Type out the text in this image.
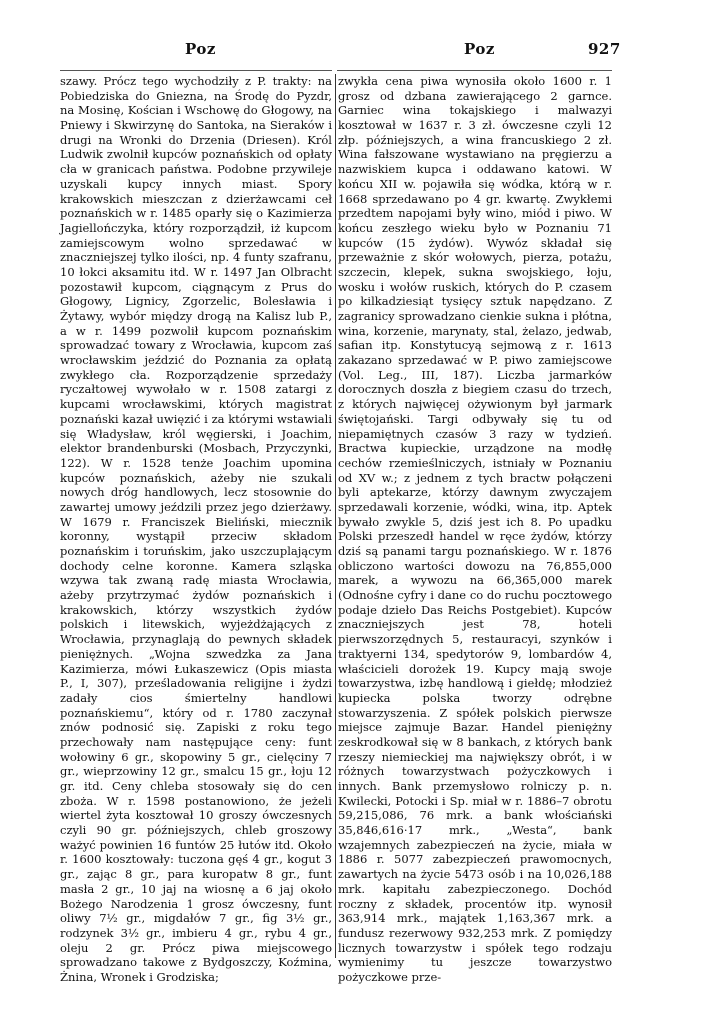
Poz	Poz	927

szawy. Prócz tego wychodziły z P. trakty: na Pobiedziska do Gniezna, na Środę do Pyzdr, na Mosinę, Kościan i Wschowę do Głogowy, na Pniewy i Skwirzynę do Santoka, na Sieraków i drugi na Wronki do Drzenia (Driesen). Król Ludwik zwolnił kupców poznańskich od opłaty cła w granicach państwa. Podobne przywileje uzyskali kupcy innych miast. Spory krakowskich mieszczan z dzierżawcami ceł poznańskich w r. 1485 oparły się o Kazimierza Jagiellończyka, który rozporządził, iż kupcom zamiejscowym wolno sprzedawać w znaczniejszej tylko ilości, np. 4 funty szafranu, 10 łokci aksamitu itd. W r. 1497 Jan Olbracht pozostawił kupcom, ciągnącym z Prus do Głogowy, Lignicy, Zgorzelic, Bolesławia i Żytawy, wybór między drogą na Kalisz lub P., a w r. 1499 pozwolił kupcom poznańskim sprowadzać towary z Wrocławia, kupcom zaś wrocławskim jeździć do Poznania za opłatą zwykłego cła. Rozporządzenie sprzedaży ryczałtowej wywołało w r. 1508 zatargi z kupcami wrocławskimi, których magistrat poznański kazał uwięzić i za którymi wstawiali się Władysław, król węgierski, i Joachim, elektor brandenburski (Mosbach, Przyczynki, 122). W r. 1528 tenże Joachim upomina kupców poznańskich, ażeby nie szukali nowych dróg handlowych, lecz stosownie do zawartej umowy jeździli przez jego dzierżawy. W 1679 r. Franciszek Bieliński, miecznik koronny, wystąpił przeciw składom poznańskim i toruńskim, jako uszczuplającym dochody celne koronne. Kamera szląska wzywa tak zwaną radę miasta Wrocławia, ażeby przytrzymać żydów poznańskich i krakowskich, którzy wszystkich żydów polskich i litewskich, wyjeżdżających z Wrocławia, przynaglają do pewnych składek pieniężnych. „Wojna szwedzka za Jana Kazimierza, mówi Łukaszewicz (Opis miasta P., I, 307), prześladowania religijne i żydzi zadały cios śmiertelny handlowi poznańskiemu“, który od r. 1780 zaczynał znów podnosić się. Zapiski z roku tego przechowały nam następujące ceny: funt wołowiny 6 gr., skopowiny 5 gr., cielęciny 7 gr., wieprzowiny 12 gr., smalcu 15 gr., łoju 12 gr. itd. Ceny chleba stosowały się do cen zboża. W r. 1598 postanowiono, że jeżeli wiertel żyta kosztował 10 groszy ówczesnych czyli 90 gr. późniejszych, chleb groszowy ważyć powinien 16 funtów 25 łutów itd. Około r. 1600 kosztowały: tuczona gęś 4 gr., kogut 3 gr., zając 8 gr., para kuropatw 8 gr., funt masła 2 gr., 10 jaj na wiosnę a 6 jaj około Bożego Narodzenia 1 grosz ówczesny, funt oliwy 7½ gr., migdałów 7 gr., fig 3½ gr., rodzynek 3½ gr., imbieru 4 gr., rybu 4 gr., oleju 2 gr. Prócz piwa miejscowego sprowadzano takowe z Bydgoszczy, Koźmina, Żnina, Wronek i Grodziska;

zwykła cena piwa wynosiła około 1600 r. 1 grosz od dzbana zawierającego 2 garnce. Garniec wina tokajskiego i malwazyi kosztował w 1637 r. 3 zł. ówczesne czyli 12 złp. późniejszych, a wina francuskiego 2 zł. Wina fałszowane wystawiano na pręgierzu a nazwiskiem kupca i oddawano katowi. W końcu XII w. pojawiła się wódka, którą w r. 1668 sprzedawano po 4 gr. kwartę. Zwykłemi przedtem napojami były wino, miód i piwo. W końcu zeszłego wieku było w Poznaniu 71 kupców (15 żydów). Wywóz składał się przeważnie z skór wołowych, pierza, potażu, szczecin, klepek, sukna swojskiego, łoju, wosku i wołów ruskich, których do P. czasem po kilkadziesiąt tysięcy sztuk napędzano. Z zagranicy sprowadzano cienkie sukna i płótna, wina, korzenie, marynaty, stal, żelazo, jedwab, safian itp. Konstytucyą sejmową z r. 1613 zakazano sprzedawać w P. piwo zamiejscowe (Vol. Leg., III, 187). Liczba jarmarków dorocznych doszła z biegiem czasu do trzech, z których najwięcej ożywionym był jarmark świętojański. Targi odbywały się tu od niepamiętnych czasów 3 razy w tydzień. Bractwa kupieckie, urządzone na modłę cechów rzemieślniczych, istniały w Poznaniu od XV w.; z jednem z tych bractw połączeni byli aptekarze, którzy dawnym zwyczajem sprzedawali korzenie, wódki, wina, itp. Aptek bywało zwykle 5, dziś jest ich 8. Po upadku Polski przeszedł handel w ręce żydów, którzy dziś są panami targu poznańskiego. W r. 1876 obliczono wartości dowozu na 76,855,000 marek, a wywozu na 66,365,000 marek (Odnośne cyfry i dane co do ruchu pocztowego podaje dzieło Das Reichs Postgebiet). Kupców znaczniejszych jest 78, hoteli pierwszorzędnych 5, restauracyi, szynków i traktyerni 134, spedytorów 9, lombardów 4, właścicieli dorożek 19. Kupcy mają swoje towarzystwa, izbę handlową i giełdę; młodzież kupiecka polska tworzy odrębne stowarzyszenia. Z spółek polskich pierwsze miejsce zajmuje Bazar. Handel pieniężny zeskrodkował się w 8 bankach, z których bank rzeszy niemieckiej ma największy obrót, i w różnych towarzystwach pożyczkowych i innych. Bank przemysłowo rolniczy p. n. Kwilecki, Potocki i Sp. miał w r. 1886–7 obrotu 59,215,086, 76 mrk. a bank włościański 35,846,616·17 mrk., „Westa“, bank wzajemnych zabezpieczeń na życie, miała w 1886 r. 5077 zabezpieczeń prawomocnych, zawartych na życie 5473 osób i na 10,026,188 mrk. kapitału zabezpieczonego. Dochód roczny z składek, procentów itp. wynosił 363,914 mrk., majątek 1,163,367 mrk. a fundusz rezerwowy 932,253 mrk. Z pomiędzy licznych towarzystw i spółek tego rodzaju wymienimy tu jeszcze towarzystwo pożyczkowe prze-
